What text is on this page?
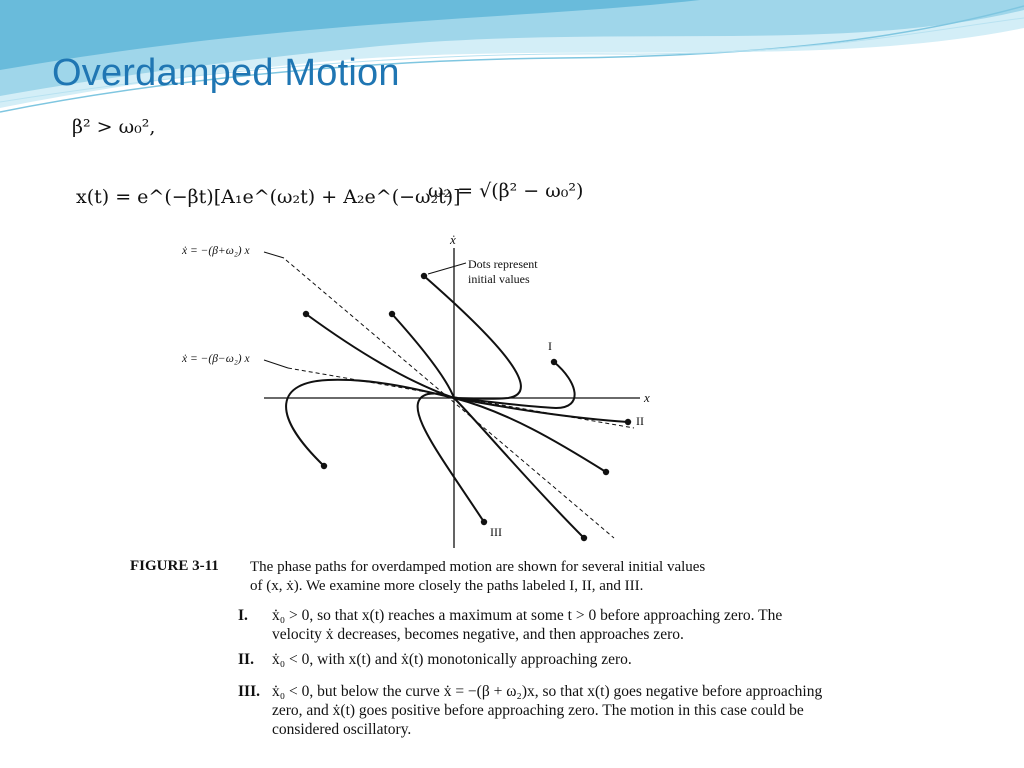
Overdamped Motion
β² > ω₀²,
x(t) = e^(−βt)[A₁e^(ω₂t) + A₂e^(−ω₂t)]
ω₂ = √(β² − ω₀²)
x
ẋ
ẋ = −(β+ω₂) x
ẋ = −(β−ω₂) x
Dots represent
initial values
I
II
III
FIGURE 3-11 The phase paths for overdamped motion are shown for several initial values of (x, ẋ). We examine more closely the paths labeled I, II, and III.
I. ẋ₀ > 0, so that x(t) reaches a maximum at some t > 0 before approaching zero. The velocity ẋ decreases, becomes negative, and then approaches zero.
II. ẋ₀ < 0, with x(t) and ẋ(t) monotonically approaching zero.
III. ẋ₀ < 0, but below the curve ẋ = −(β + ω₂)x, so that x(t) goes negative before approaching zero, and ẋ(t) goes positive before approaching zero. The motion in this case could be considered oscillatory.
